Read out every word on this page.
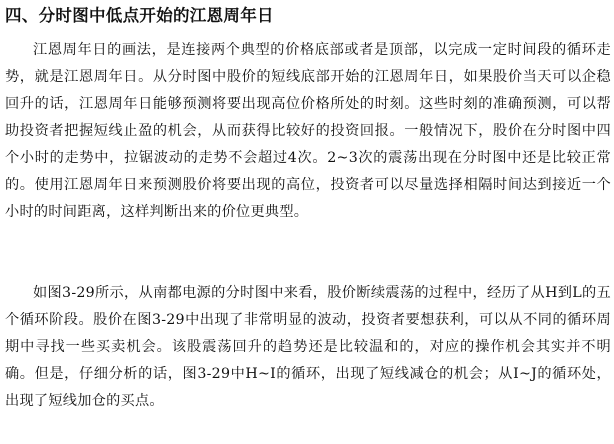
四、分时图中低点开始的江恩周年日

江恩周年日的画法，是连接两个典型的价格底部或者是顶部，以完成一定时间段的循环走势，就是江恩周年日。从分时图中股价的短线底部开始的江恩周年日，如果股价当天可以企稳回升的话，江恩周年日能够预测将要出现高位价格所处的时刻。这些时刻的准确预测，可以帮助投资者把握短线止盈的机会，从而获得比较好的投资回报。一般情况下，股价在分时图中四个小时的走势中，拉锯波动的走势不会超过4次。2~3次的震荡出现在分时图中还是比较正常的。使用江恩周年日来预测股价将要出现的高位，投资者可以尽量选择相隔时间达到接近一个小时的时间距离，这样判断出来的价位更典型。

如图3-29所示，从南都电源的分时图中来看，股价断续震荡的过程中，经历了从H到L的五个循环阶段。股价在图3-29中出现了非常明显的波动，投资者要想获利，可以从不同的循环周期中寻找一些买卖机会。该股震荡回升的趋势还是比较温和的，对应的操作机会其实并不明确。但是，仔细分析的话，图3-29中H~I的循环，出现了短线减仓的机会；从I~J的循环处，出现了短线加仓的买点。
